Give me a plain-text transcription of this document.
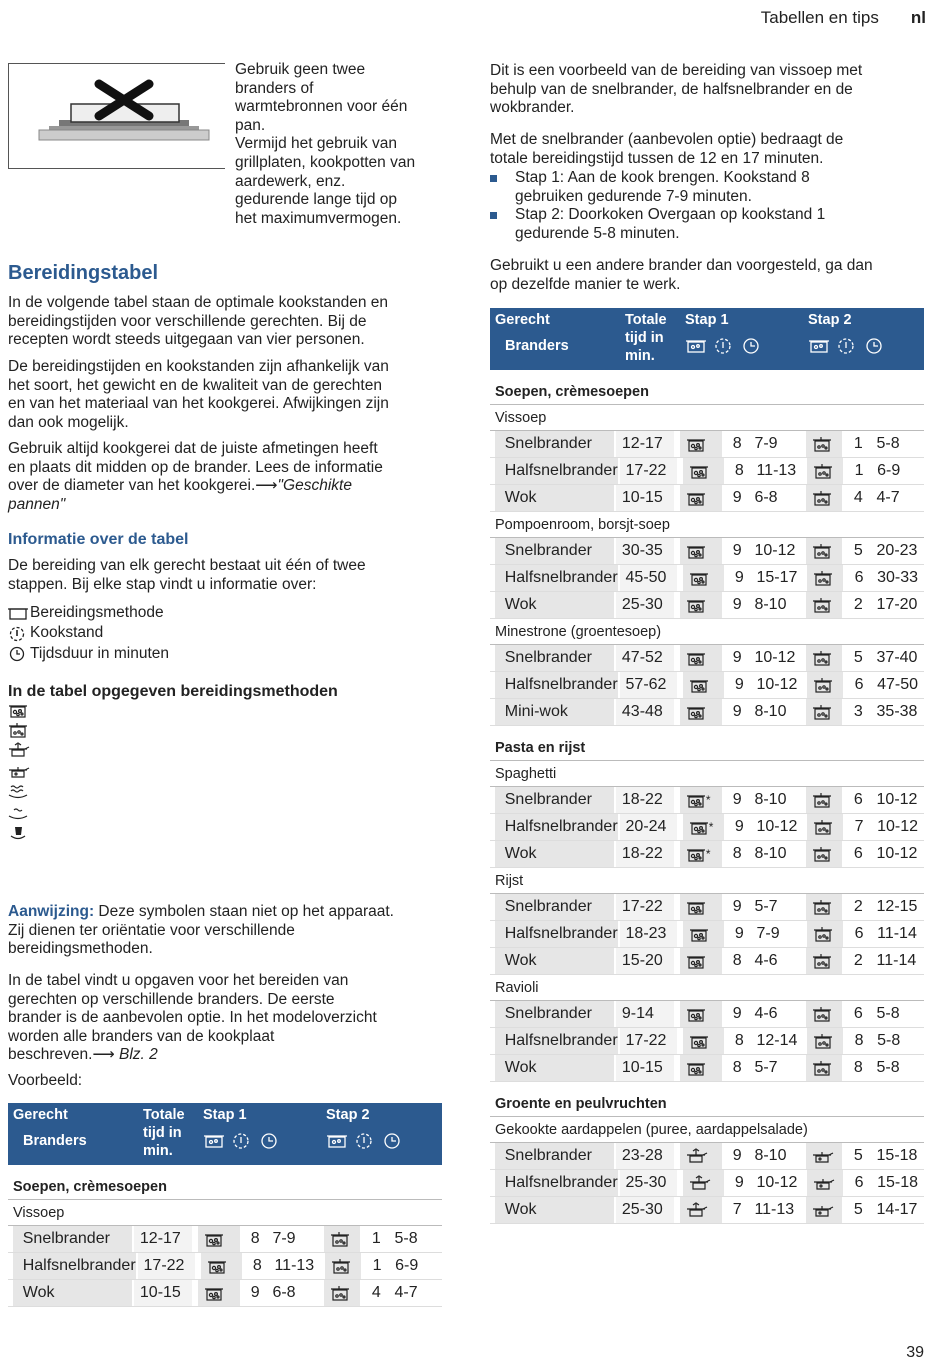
Tabellen en tips nl
Gebruik geen twee
branders of
warmtebronnen voor één
pan.
Vermijd het gebruik van
grillplaten, kookpotten van
aardewerk, enz.
gedurende lange tijd op
het maximumvermogen.
Bereidingstabel
In de volgende tabel staan de optimale kookstanden en
bereidingstijden voor verschillende gerechten. Bij de
recepten wordt steeds uitgegaan van vier personen.
De bereidingstijden en kookstanden zijn afhankelijk van
het soort, het gewicht en de kwaliteit van de gerechten
en van het materiaal van het kookgerei. Afwijkingen zijn
dan ook mogelijk.
Gebruik altijd kookgerei dat de juiste afmetingen heeft
en plaats dit midden op de brander. Lees de informatie
over de diameter van het kookgerei.⟶"Geschikte
pannen"
Informatie over de tabel
De bereiding van elk gerecht bestaat uit één of twee
stappen. Bij elke stap vindt u informatie over:
Bereidingsmethode
Kookstand
Tijdsduur in minuten
In de tabel opgegeven bereidingsmethoden
Aanwijzing: Deze symbolen staan niet op het apparaat.
Zij dienen ter oriëntatie voor verschillende
bereidingsmethoden.
In de tabel vindt u opgaven voor het bereiden van
gerechten op verschillende branders. De eerste
brander is de aanbevolen optie. In het modeloverzicht
worden alle branders van de kookplaat
beschreven.⟶ Blz. 2
Voorbeeld:
Gerecht
Branders
Totale
tijd in
min.
Stap 1	Stap 2
Soepen, crèmesoepen
Vissoep
Snelbrander	12-17	8 7-9	1 5-8
Halfsnelbrander 17-22	8 11-13	1 6-9
Wok	10-15	9 6-8	4 4-7
Dit is een voorbeeld van de bereiding van vissoep met
behulp van de snelbrander, de halfsnelbrander en de
wokbrander.
Met de snelbrander (aanbevolen optie) bedraagt de
totale bereidingstijd tussen de 12 en 17 minuten.
Stap 1: Aan de kook brengen. Kookstand 8
gebruiken gedurende 7-9 minuten.
Stap 2: Doorkoken Overgaan op kookstand 1
gedurende 5-8 minuten.
Gebruikt u een andere brander dan voorgesteld, ga dan
op dezelfde manier te werk.
Gerecht
Branders
Totale
tijd in
min.
Stap 1	Stap 2
Soepen, crèmesoepen
Vissoep
Snelbrander	12-17	8 7-9	1 5-8
Halfsnelbrander 17-22	8 11-13	1 6-9
Wok	10-15	9 6-8	4 4-7
Pompoenroom, borsjt-soep
Snelbrander	30-35	9 10-12	5 20-23
Halfsnelbrander 45-50	9 15-17	6 30-33
Wok	25-30	9 8-10	2 17-20
Minestrone (groentesoep)
Snelbrander	47-52	9 10-12	5 37-40
Halfsnelbrander 57-62	9 10-12	6 47-50
Mini-wok	43-48	9 8-10	3 35-38
Pasta en rijst
Spaghetti
Snelbrander	18-22	*	9 8-10	6 10-12
Halfsnelbrander 20-24	*	9 10-12	7 10-12
Wok	18-22	*	8 8-10	6 10-12
Rijst
Snelbrander	17-22	9 5-7	2 12-15
Halfsnelbrander 18-23	9 7-9	6 11-14
Wok	15-20	8 4-6	2 11-14
Ravioli
Snelbrander	9-14	9 4-6	6 5-8
Halfsnelbrander 17-22	8 12-14	8 5-8
Wok	10-15	8 5-7	8 5-8
Groente en peulvruchten
Gekookte aardappelen (puree, aardappelsalade)
Snelbrander	23-28	9 8-10	5 15-18
Halfsnelbrander 25-30	9 10-12	6 15-18
Wok	25-30	7 11-13	5 14-17
39
